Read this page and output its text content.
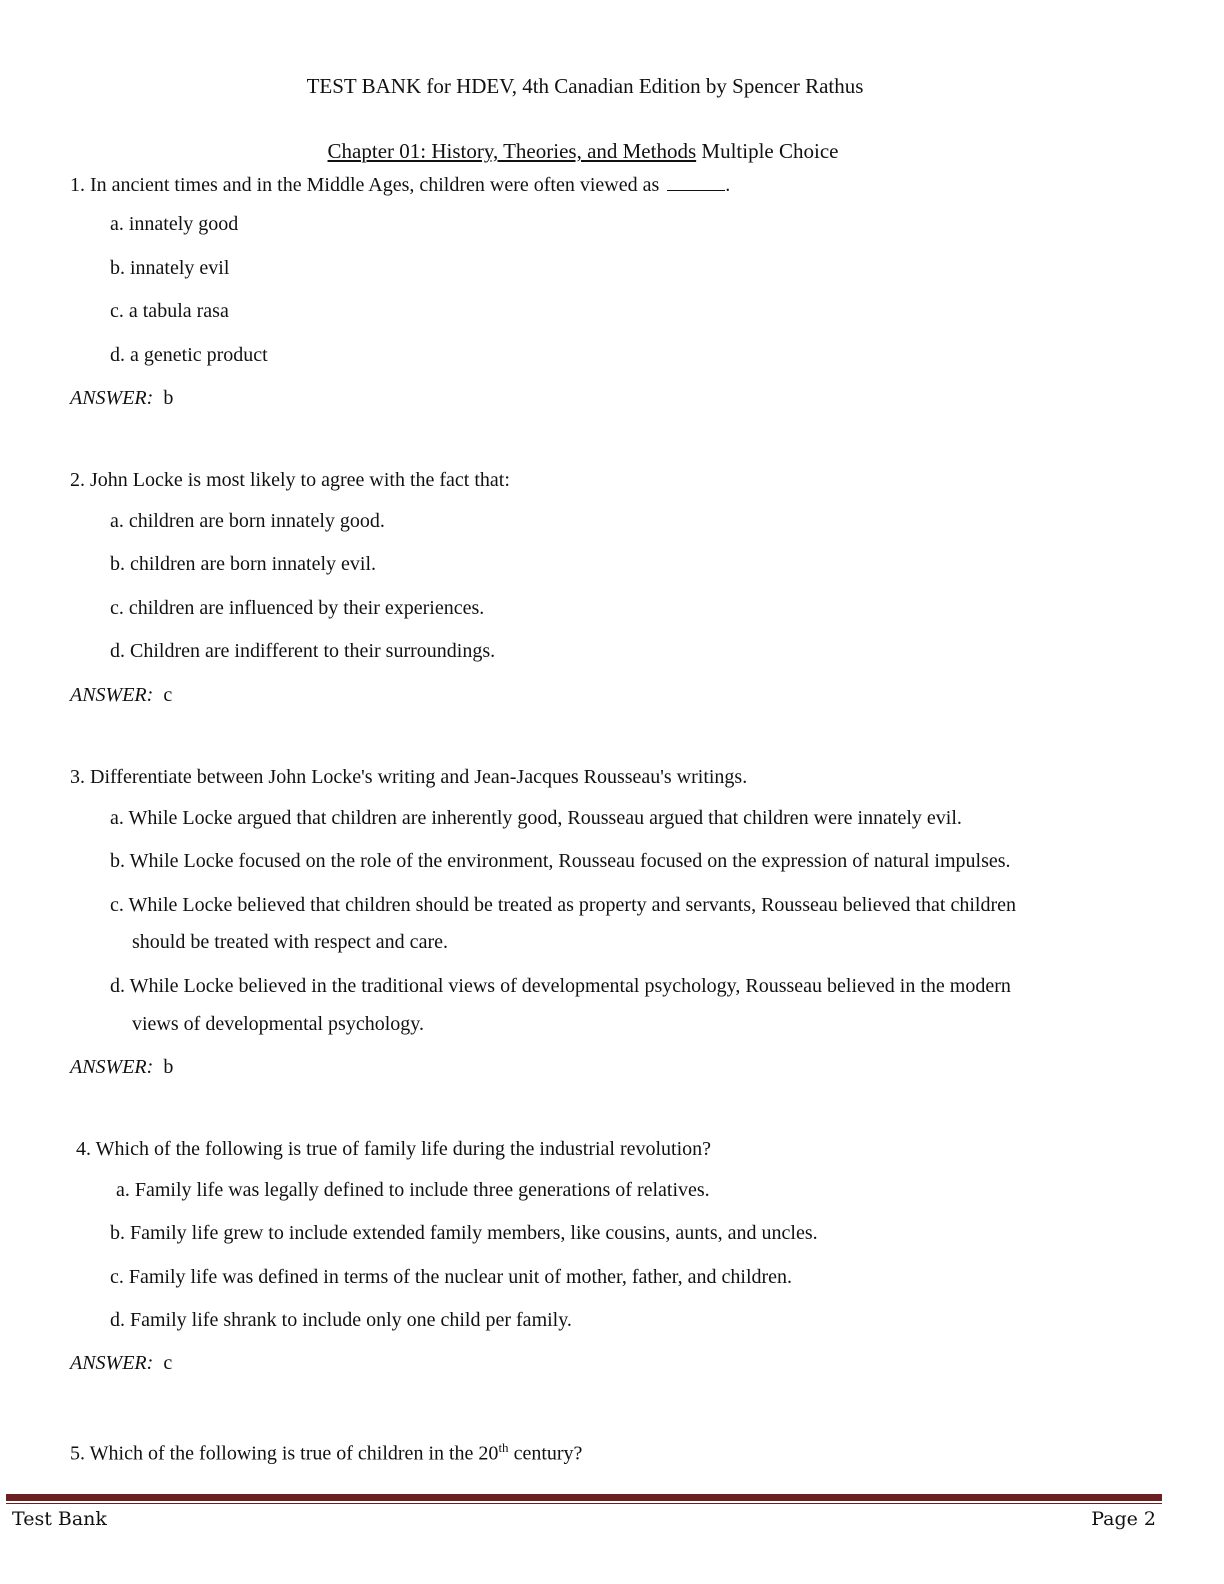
TEST BANK for HDEV, 4th Canadian Edition by Spencer Rathus
Chapter 01: History, Theories, and Methods Multiple Choice
1. In ancient times and in the Middle Ages, children were often viewed as	.
a. innately good
b. innately evil
c. a tabula rasa
d. a genetic product
ANSWER: b
2. John Locke is most likely to agree with the fact that:
a. children are born innately good.
b. children are born innately evil.
c. children are influenced by their experiences.
d. Children are indifferent to their surroundings.
ANSWER: c
3. Differentiate between John Locke's writing and Jean-Jacques Rousseau's writings.
a. While Locke argued that children are inherently good, Rousseau argued that children were innately evil.
b. While Locke focused on the role of the environment, Rousseau focused on the expression of natural impulses.
c. While Locke believed that children should be treated as property and servants, Rousseau believed that children
should be treated with respect and care.
d. While Locke believed in the traditional views of developmental psychology, Rousseau believed in the modern
views of developmental psychology.
ANSWER: b
4. Which of the following is true of family life during the industrial revolution?
a. Family life was legally defined to include three generations of relatives.
b. Family life grew to include extended family members, like cousins, aunts, and uncles.
c. Family life was defined in terms of the nuclear unit of mother, father, and children.
d. Family life shrank to include only one child per family.
ANSWER: c
5. Which of the following is true of children in the 20th century?
Test Bank	Page 2
